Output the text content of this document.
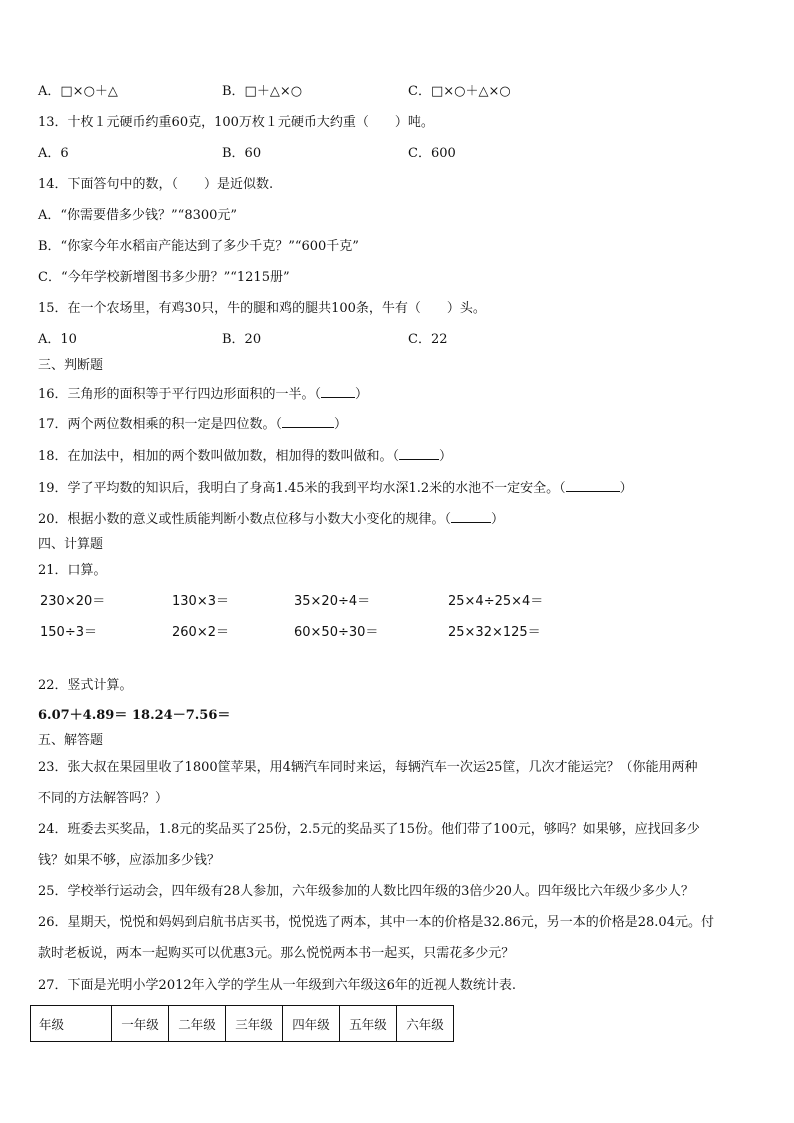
A．□×○＋△	B．□＋△×○	C．□×○＋△×○
13．十枚１元硬币约重60克，100万枚１元硬币大约重（　　）吨。
A．6	B．60	C．600
14．下面答句中的数，（　　）是近似数.
A．“你需要借多少钱？”“8300元”
B．“你家今年水稻亩产能达到了多少千克？”“600千克”
C．“今年学校新增图书多少册？”“1215册”
15．在一个农场里，有鸡30只，牛的腿和鸡的腿共100条，牛有（　　）头。
A．10	B．20	C．22
三、判断题
16．三角形的面积等于平行四边形面积的一半。（	）
17．两个两位数相乘的积一定是四位数。（	）
18．在加法中，相加的两个数叫做加数，相加得的数叫做和。（	）
19．学了平均数的知识后，我明白了身高1.45米的我到平均水深1.2米的水池不一定安全。（	）
20．根据小数的意义或性质能判断小数点位移与小数大小变化的规律。（	）
四、计算题
21．口算。
230×20＝	130×3＝	35×20÷4＝	25×4÷25×4＝
150÷3＝	260×2＝	60×50÷30＝	25×32×125＝
22．竖式计算。
6.07＋4.89＝ 18.24－7.56＝
五、解答题
23．张大叔在果园里收了1800筐苹果，用4辆汽车同时来运，每辆汽车一次运25筐，几次才能运完？（你能用两种
不同的方法解答吗？）
24．班委去买奖品，1.8元的奖品买了25份，2.5元的奖品买了15份。他们带了100元，够吗？如果够，应找回多少
钱？如果不够，应添加多少钱？
25．学校举行运动会，四年级有28人参加，六年级参加的人数比四年级的3倍少20人。四年级比六年级少多少人？
26．星期天，悦悦和妈妈到启航书店买书，悦悦选了两本，其中一本的价格是32.86元，另一本的价格是28.04元。付
款时老板说，两本一起购买可以优惠3元。那么悦悦两本书一起买，只需花多少元？
27．下面是光明小学2012年入学的学生从一年级到六年级这6年的近视人数统计表.
年级	一年级	二年级	三年级	四年级	五年级	六年级
